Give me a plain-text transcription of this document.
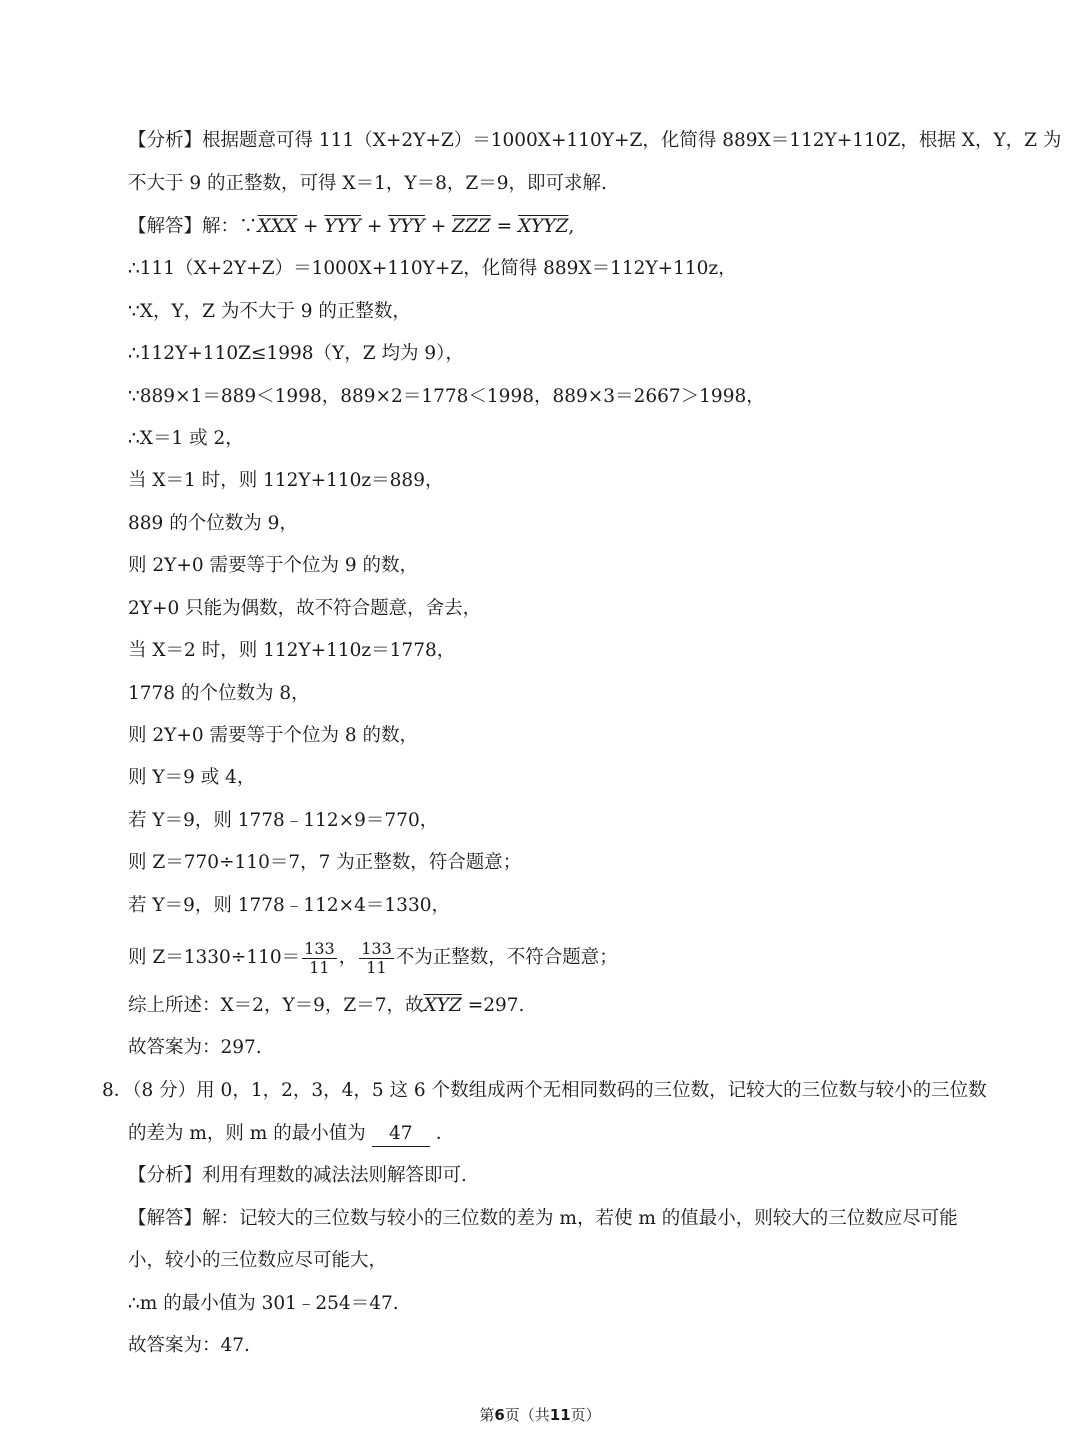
【分析】根据题意可得 111（X+2Y+Z）＝1000X+110Y+Z，化简得 889X＝112Y+110Z，根据 X，Y，Z 为
不大于 9 的正整数，可得 X＝1，Y＝8，Z＝9，即可求解.
【解答】解：$\because\overline{XXX} + \overline{YYY} + \overline{YYY} + \overline{ZZZ}$ = XYYZ,
∴111（X+2Y+Z）＝1000X+110Y+Z，化简得 889X＝112Y+110z，
∵X，Y，Z 为不大于 9 的正整数，
∴112Y+110Z≤1998（Y，Z 均为 9），
∵889×1＝889＜1998，889×2＝1778＜1998，889×3＝2667＞1998，
∴X＝1 或 2，
当 X＝1 时，则 112Y+110z＝889，
889 的个位数为 9，
则 2Y+0 需要等于个位为 9 的数，
2Y+0 只能为偶数，故不符合题意，舍去，
当 X＝2 时，则 112Y+110z＝1778，
1778 的个位数为 8，
则 2Y+0 需要等于个位为 8 的数，
则 Y＝9 或 4，
若 Y＝9，则 1778﹣112×9＝770，
则 Z＝770÷110＝7，7 为正整数，符合题意；
若 Y＝9，则 1778﹣112×4＝1330，
则 $Z=1330\div 110= \frac{133}{11}$ ， $\frac{133}{11}$ 不为正整数，不符合题意；
综上所述：X＝2，Y＝9，Z＝7，故$\overline{XYZ} =297$.
故答案为：297.
8．（8 分）用 0，1，2，3，4，5 这 6 个数组成两个无相同数码的三位数，记较大的三位数与较小的三位数
的差为 m，则 m 的最小值为 47 ．
【分析】利用有理数的减法法则解答即可.
【解答】解：记较大的三位数与较小的三位数的差为 m，若使 m 的值最小，则较大的三位数应尽可能
小，较小的三位数应尽可能大，
∴m 的最小值为 301﹣254＝47.
故答案为：47.
第6页（共11页）
